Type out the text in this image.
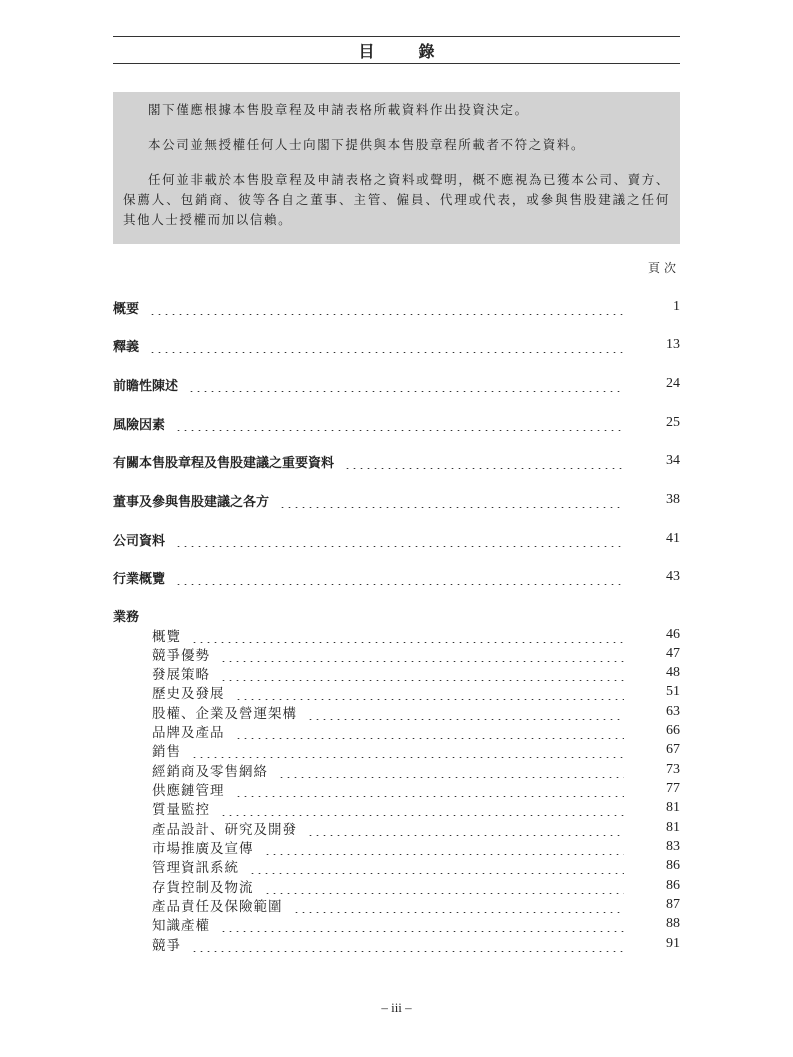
目　錄

閣下僅應根據本售股章程及申請表格所載資料作出投資決定。

本公司並無授權任何人士向閣下提供與本售股章程所載者不符之資料。

任何並非載於本售股章程及申請表格之資料或聲明，概不應視為已獲本公司、賣方、保薦人、包銷商、彼等各自之董事、主管、僱員、代理或代表，或參與售股建議之任何其他人士授權而加以信賴。

頁次
概要	1
釋義	13
前瞻性陳述	24
風險因素	25
有關本售股章程及售股建議之重要資料	34
董事及參與售股建議之各方	38
公司資料	41
行業概覽	43
業務
概覽	46
競爭優勢	47
發展策略	48
歷史及發展	51
股權、企業及營運架構	63
品牌及產品	66
銷售	67
經銷商及零售網絡	73
供應鏈管理	77
質量監控	81
產品設計、研究及開發	81
市場推廣及宣傳	83
管理資訊系統	86
存貨控制及物流	86
產品責任及保險範圍	87
知識產權	88
競爭	91
– iii –
